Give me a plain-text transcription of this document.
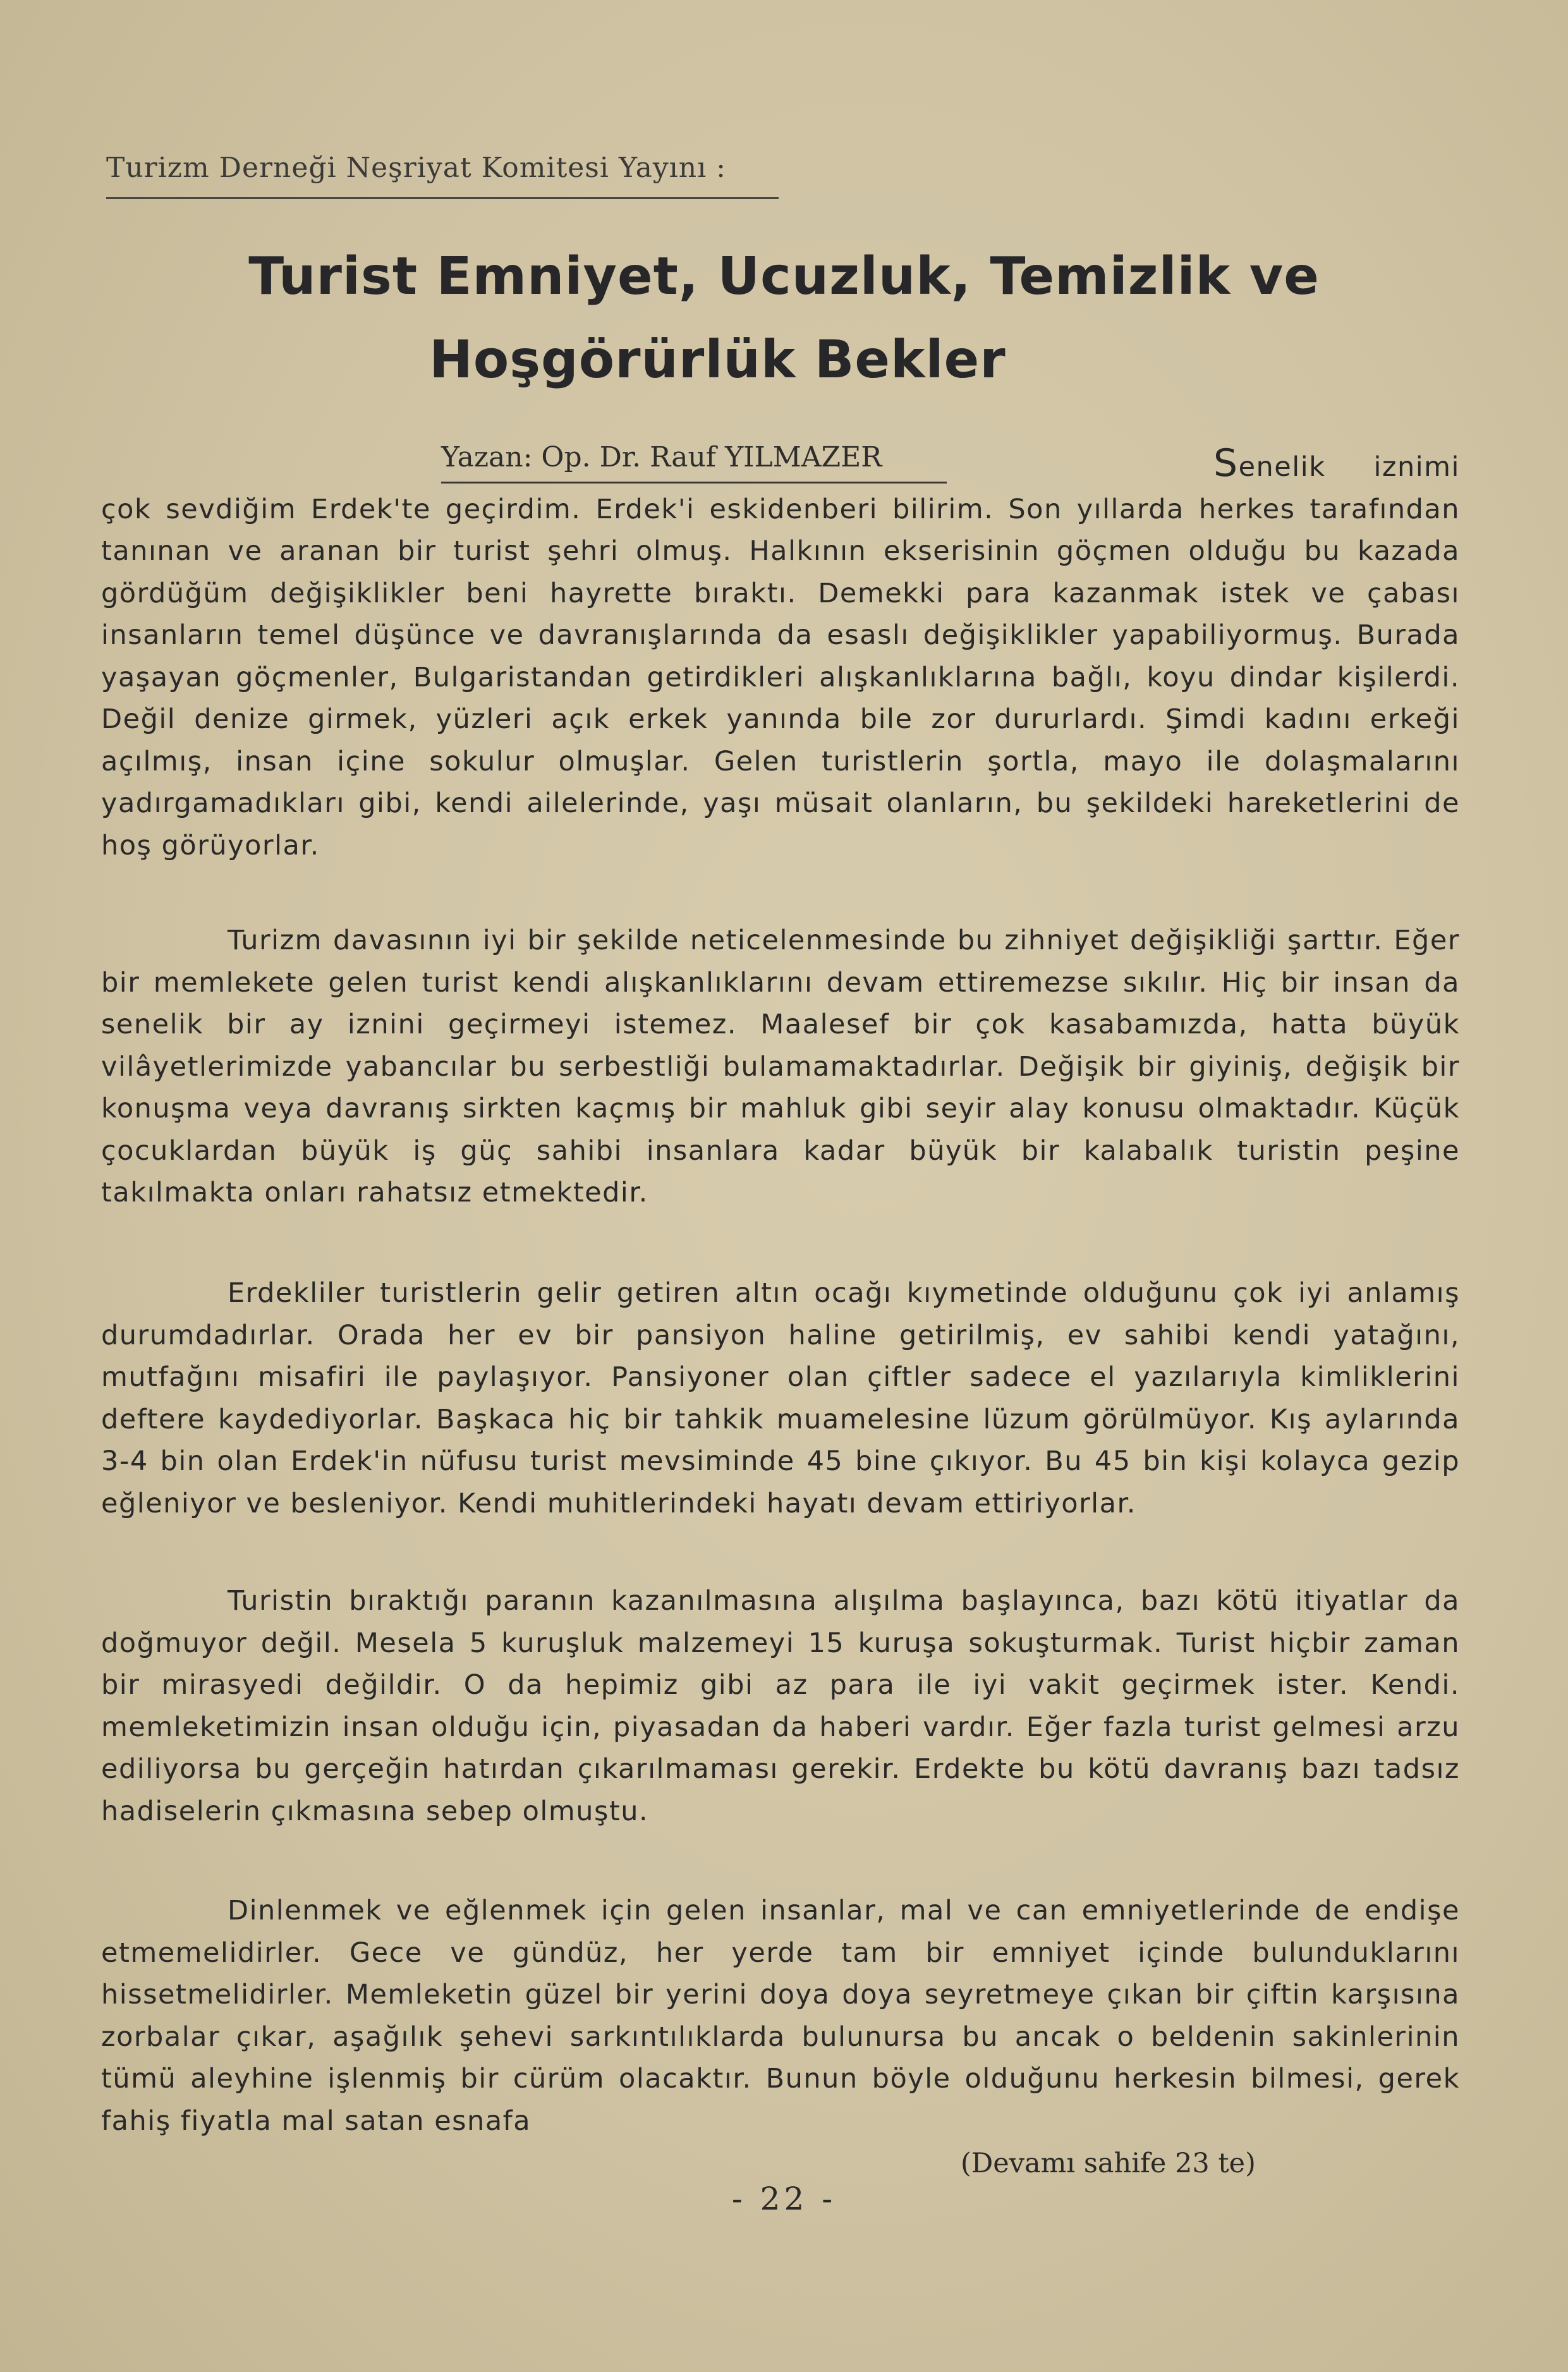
Turizm Derneği Neşriyat Komitesi Yayını :
Turist Emniyet, Ucuzluk, Temizlik ve
Hoşgörürlük Bekler
Yazan: Op. Dr. Rauf YILMAZER	Senelik iznimi çok sevdiğim Erdek'te geçirdim. Erdek'i eskidenberi bilirim. Son yıllarda herkes tarafından tanınan ve aranan bir turist şehri olmuş. Halkının ekserisinin göçmen olduğu bu kazada gördüğüm değişiklikler beni hayrette bıraktı. Demekki para kazanmak istek ve çabası insanların temel düşünce ve davranışlarında da esaslı değişiklikler yapabiliyormuş. Burada yaşayan göçmenler, Bulgaristandan getirdikleri alışkanlıklarına bağlı, koyu dindar kişilerdi. Değil denize girmek, yüzleri açık erkek yanında bile zor dururlardı. Şimdi kadını erkeği açılmış, insan içine sokulur olmuşlar. Gelen turistlerin şortla, mayo ile dolaşmalarını yadırgamadıkları gibi, kendi ailelerinde, yaşı müsait olanların, bu şekildeki hareketlerini de hoş görüyorlar.
Turizm davasının iyi bir şekilde neticelenmesinde bu zihniyet değişikliği şarttır. Eğer bir memlekete gelen turist kendi alışkanlıklarını devam ettiremezse sıkılır. Hiç bir insan da senelik bir ay iznini geçirmeyi istemez. Maalesef bir çok kasabamızda, hatta büyük vilâyetlerimizde yabancılar bu serbestliği bulamamaktadırlar. Değişik bir giyiniş, değişik bir konuşma veya davranış sirkten kaçmış bir mahluk gibi seyir alay konusu olmaktadır. Küçük çocuklardan büyük iş güç sahibi insanlara kadar büyük bir kalabalık turistin peşine takılmakta onları rahatsız etmektedir.
Erdekliler turistlerin gelir getiren altın ocağı kıymetinde olduğunu çok iyi anlamış durumdadırlar. Orada her ev bir pansiyon haline getirilmiş, ev sahibi kendi yatağını, mutfağını misafiri ile paylaşıyor. Pansiyoner olan çiftler sadece el yazılarıyla kimliklerini deftere kaydediyorlar. Başkaca hiç bir tahkik muamelesine lüzum görülmüyor. Kış aylarında 3-4 bin olan Erdek'in nüfusu turist mevsiminde 45 bine çıkıyor. Bu 45 bin kişi kolayca gezip eğleniyor ve besleniyor. Kendi muhitlerindeki hayatı devam ettiriyorlar.
Turistin bıraktığı paranın kazanılmasına alışılma başlayınca, bazı kötü itiyatlar da doğmuyor değil. Mesela 5 kuruşluk malzemeyi 15 kuruşa sokuşturmak. Turist hiçbir zaman bir mirasyedi değildir. O da hepimiz gibi az para ile iyi vakit geçirmek ister. Kendi. memleketimizin insan olduğu için, piyasadan da haberi vardır. Eğer fazla turist gelmesi arzu ediliyorsa bu gerçeğin hatırdan çıkarılmaması gerekir. Erdekte bu kötü davranış bazı tadsız hadiselerin çıkmasına sebep olmuştu.
Dinlenmek ve eğlenmek için gelen insanlar, mal ve can emniyetlerinde de endişe etmemelidirler. Gece ve gündüz, her yerde tam bir emniyet içinde bulunduklarını hissetmelidirler. Memleketin güzel bir yerini doya doya seyretmeye çıkan bir çiftin karşısına zorbalar çıkar, aşağılık şehevi sarkıntılıklarda bulunursa bu ancak o beldenin sakinlerinin tümü aleyhine işlenmiş bir cürüm olacaktır. Bunun böyle olduğunu herkesin bilmesi, gerek fahiş fiyatla mal satan esnafa
(Devamı sahife 23 te)
- 22 -
